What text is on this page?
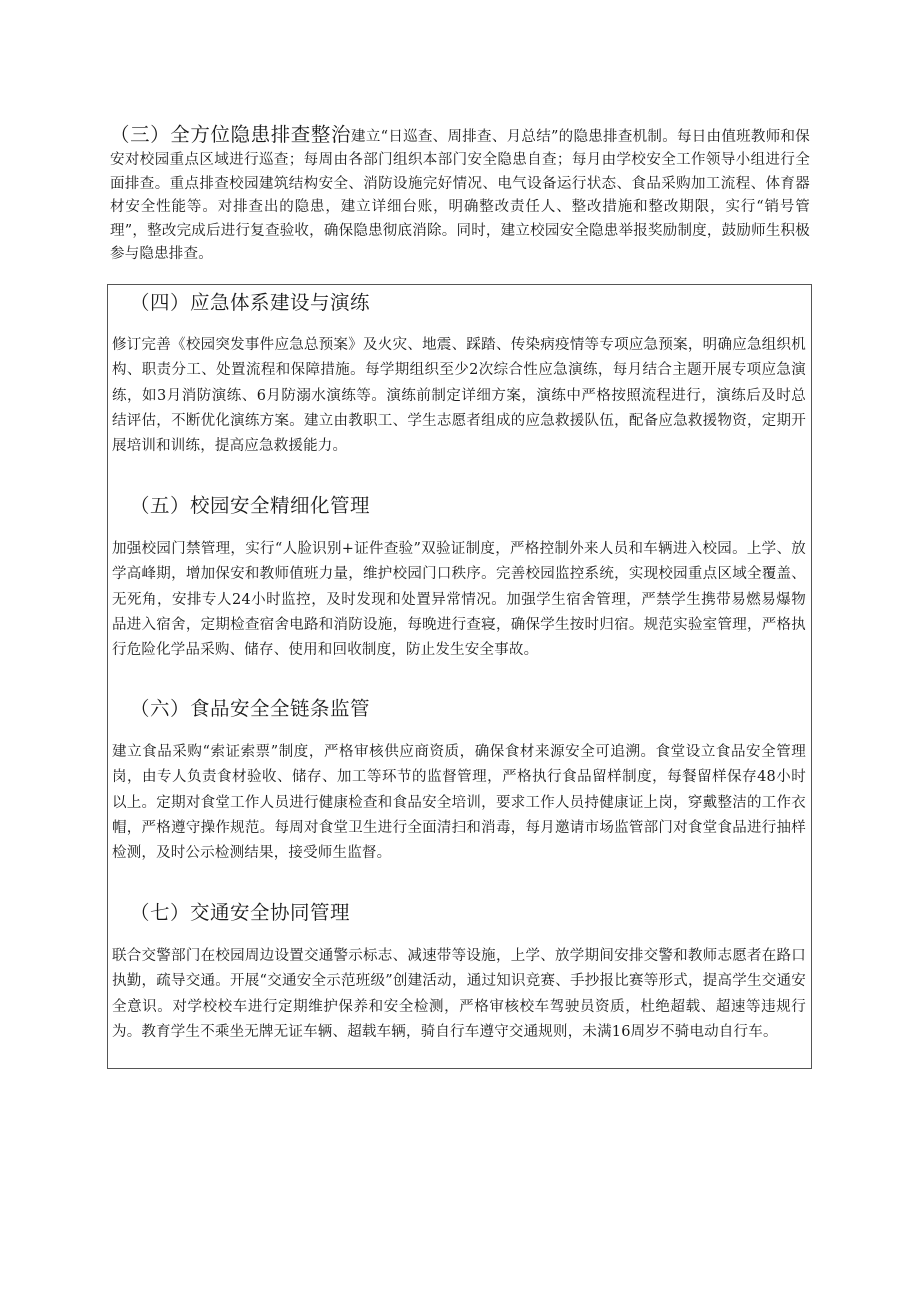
（三）全方位隐患排查整治建立“日巡查、周排查、月总结”的隐患排查机制。每日由值班教师和保安对校园重点区域进行巡查；每周由各部门组织本部门安全隐患自查；每月由学校安全工作领导小组进行全面排查。重点排查校园建筑结构安全、消防设施完好情况、电气设备运行状态、食品采购加工流程、体育器材安全性能等。对排查出的隐患，建立详细台账，明确整改责任人、整改措施和整改期限，实行“销号管理”，整改完成后进行复查验收，确保隐患彻底消除。同时，建立校园安全隐患举报奖励制度，鼓励师生积极参与隐患排查。

（四）应急体系建设与演练

修订完善《校园突发事件应急总预案》及火灾、地震、踩踏、传染病疫情等专项应急预案，明确应急组织机构、职责分工、处置流程和保障措施。每学期组织至少2次综合性应急演练，每月结合主题开展专项应急演练，如3月消防演练、6月防溺水演练等。演练前制定详细方案，演练中严格按照流程进行，演练后及时总结评估，不断优化演练方案。建立由教职工、学生志愿者组成的应急救援队伍，配备应急救援物资，定期开展培训和训练，提高应急救援能力。

（五）校园安全精细化管理

加强校园门禁管理，实行“人脸识别+证件查验”双验证制度，严格控制外来人员和车辆进入校园。上学、放学高峰期，增加保安和教师值班力量，维护校园门口秩序。完善校园监控系统，实现校园重点区域全覆盖、无死角，安排专人24小时监控，及时发现和处置异常情况。加强学生宿舍管理，严禁学生携带易燃易爆物品进入宿舍，定期检查宿舍电路和消防设施，每晚进行查寝，确保学生按时归宿。规范实验室管理，严格执行危险化学品采购、储存、使用和回收制度，防止发生安全事故。

（六）食品安全全链条监管

建立食品采购“索证索票”制度，严格审核供应商资质，确保食材来源安全可追溯。食堂设立食品安全管理岗，由专人负责食材验收、储存、加工等环节的监督管理，严格执行食品留样制度，每餐留样保存48小时以上。定期对食堂工作人员进行健康检查和食品安全培训，要求工作人员持健康证上岗，穿戴整洁的工作衣帽，严格遵守操作规范。每周对食堂卫生进行全面清扫和消毒，每月邀请市场监管部门对食堂食品进行抽样检测，及时公示检测结果，接受师生监督。

（七）交通安全协同管理

联合交警部门在校园周边设置交通警示标志、减速带等设施，上学、放学期间安排交警和教师志愿者在路口执勤，疏导交通。开展“交通安全示范班级”创建活动，通过知识竞赛、手抄报比赛等形式，提高学生交通安全意识。对学校校车进行定期维护保养和安全检测，严格审核校车驾驶员资质，杜绝超载、超速等违规行为。教育学生不乘坐无牌无证车辆、超载车辆，骑自行车遵守交通规则，未满16周岁不骑电动自行车。
